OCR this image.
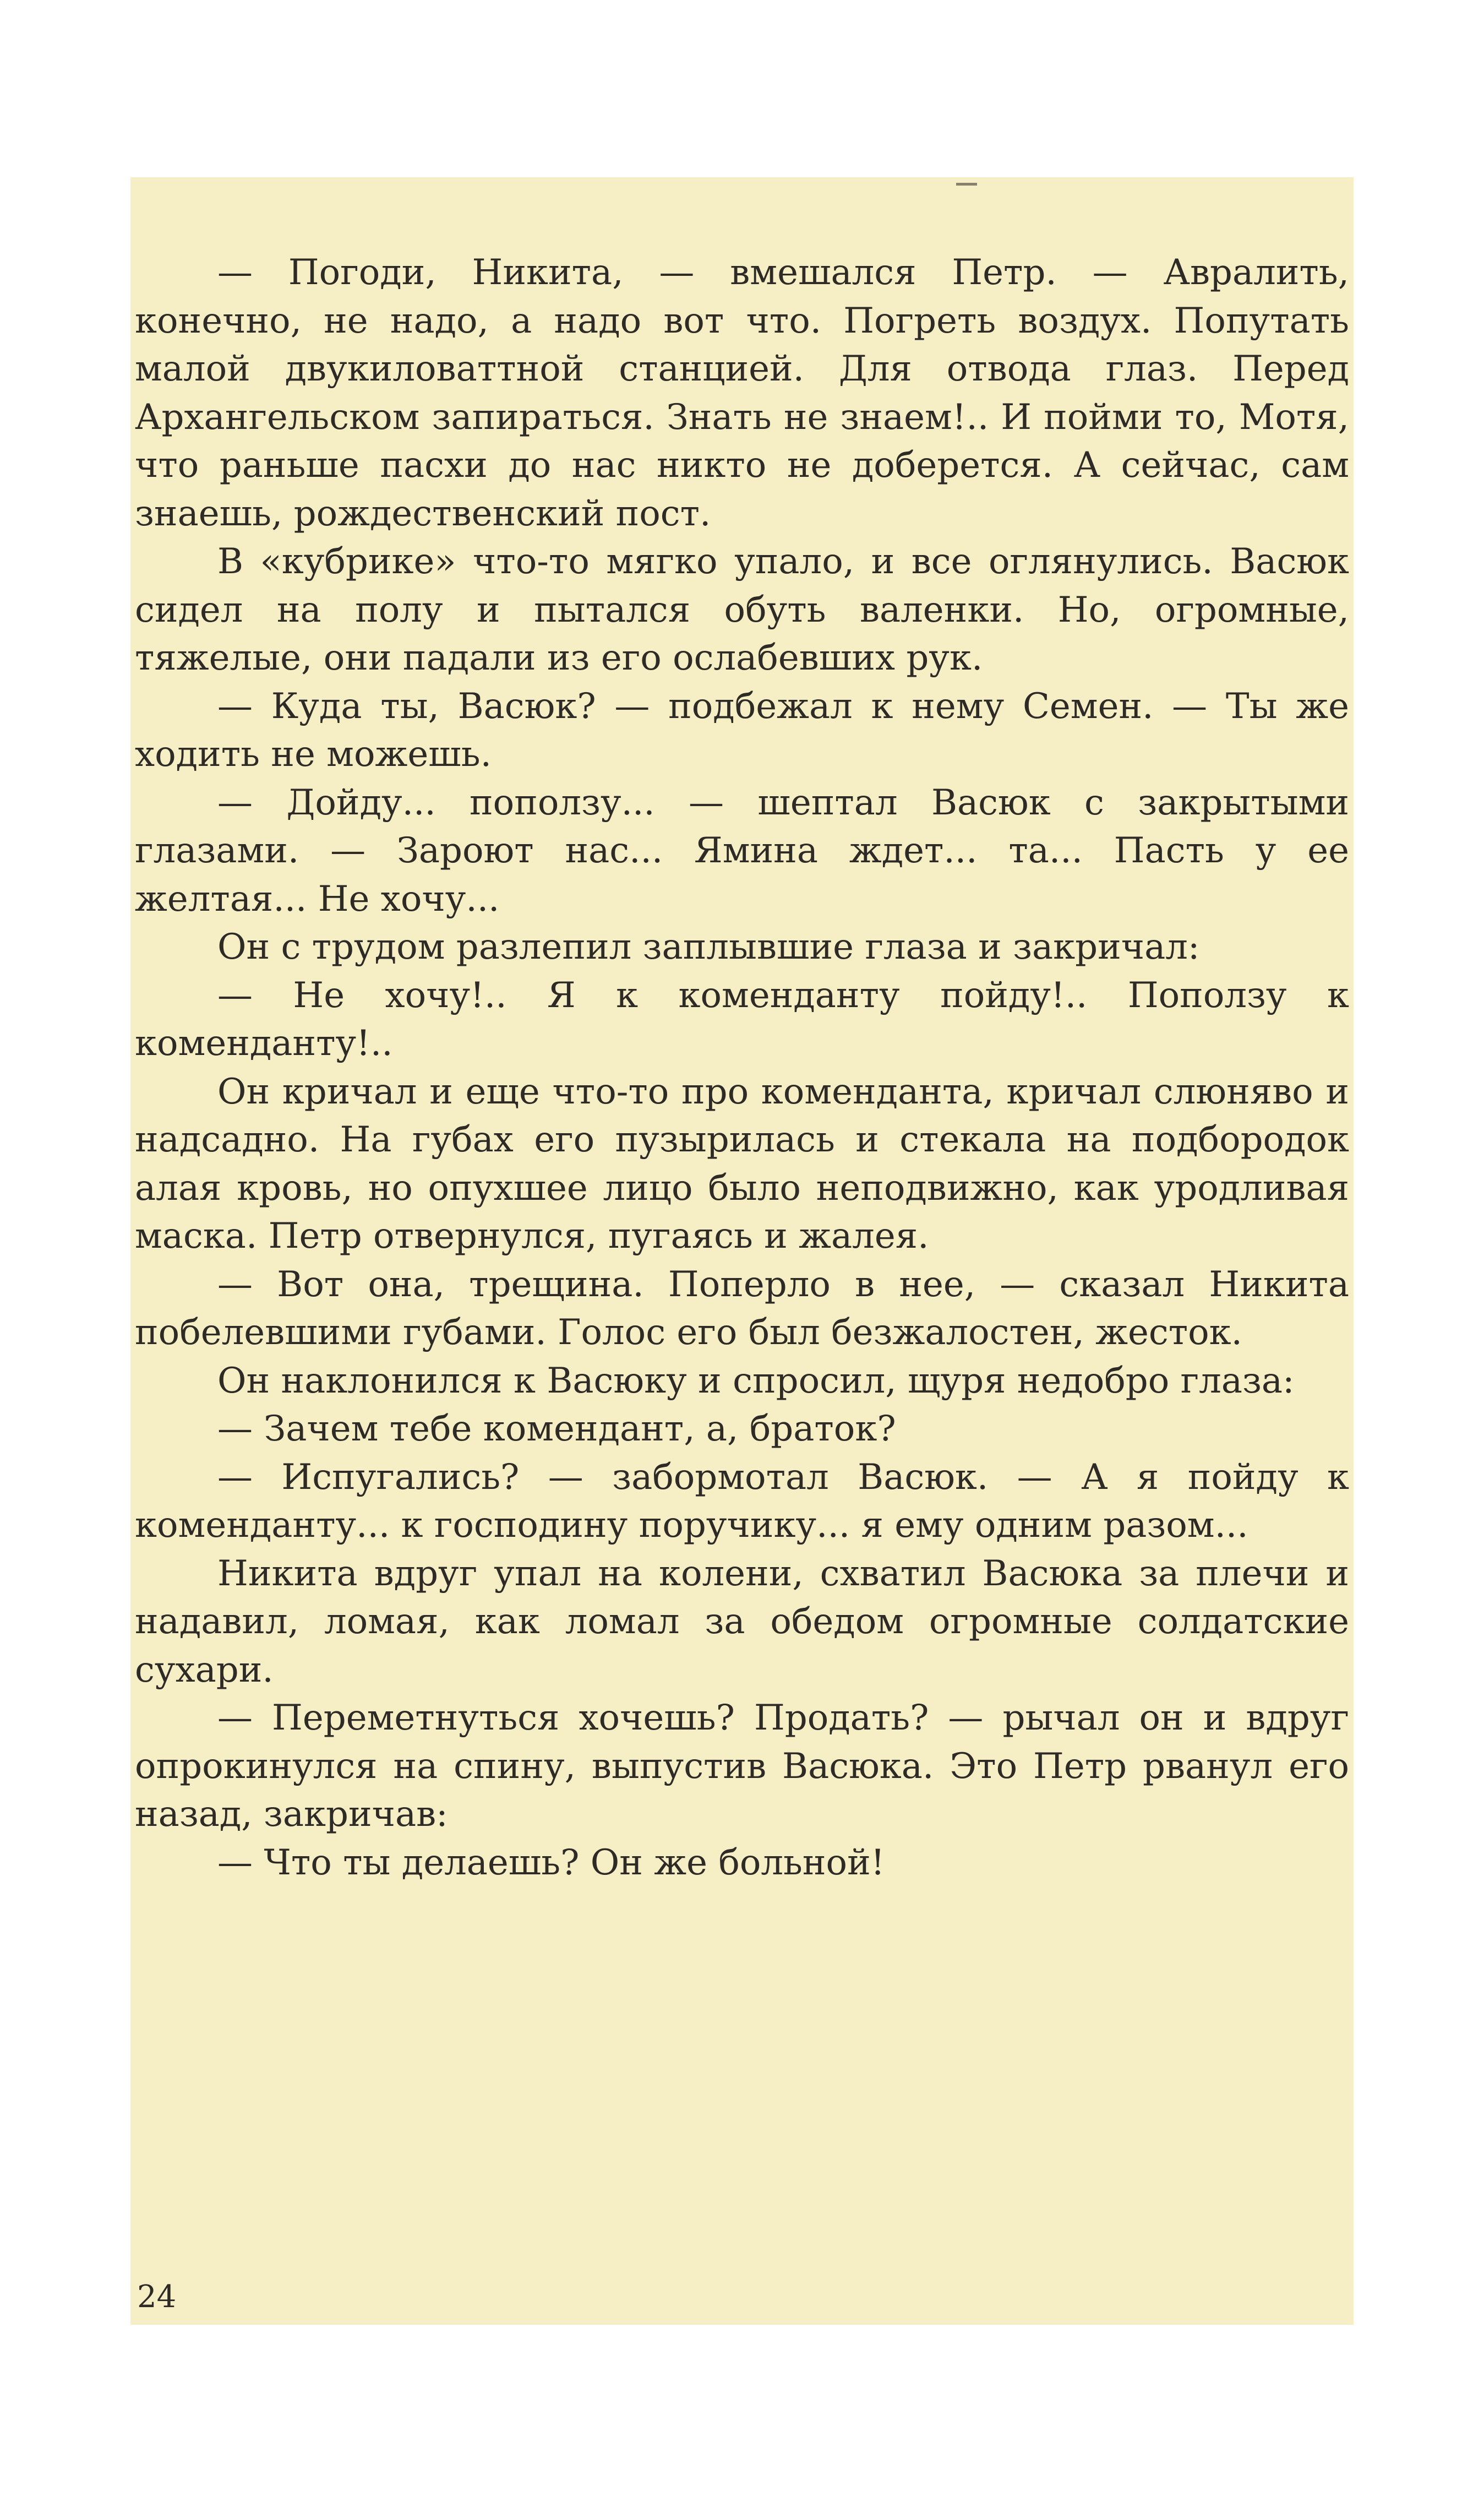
— Погоди, Никита, — вмешался Петр. — Авралить, конечно, не надо, а надо вот что. Погреть воздух. Попутать малой двукиловаттной станцией. Для отвода глаз. Перед Архангельском запираться. Знать не знаем!.. И пойми то, Мотя, что раньше пасхи до нас никто не доберется. А сейчас, сам знаешь, рождественский пост.

В «кубрике» что-то мягко упало, и все оглянулись. Васюк сидел на полу и пытался обуть валенки. Но, огромные, тяжелые, они падали из его ослабевших рук.

— Куда ты, Васюк? — подбежал к нему Семен. — Ты же ходить не можешь.

— Дойду... поползу... — шептал Васюк с закрытыми глазами. — Зароют нас... Ямина ждет... та... Пасть у ее желтая... Не хочу...

Он с трудом разлепил заплывшие глаза и закричал:

— Не хочу!.. Я к коменданту пойду!.. Поползу к коменданту!..

Он кричал и еще что-то про коменданта, кричал слюняво и надсадно. На губах его пузырилась и стекала на подбородок алая кровь, но опухшее лицо было неподвижно, как уродливая маска. Петр отвернулся, пугаясь и жалея.

— Вот она, трещина. Поперло в нее, — сказал Никита побелевшими губами. Голос его был безжалостен, жесток.

Он наклонился к Васюку и спросил, щуря недобро глаза:

— Зачем тебе комендант, а, браток?

— Испугались? — забормотал Васюк. — А я пойду к коменданту... к господину поручику... я ему одним разом...

Никита вдруг упал на колени, схватил Васюка за плечи и надавил, ломая, как ломал за обедом огромные солдатские сухари.

— Переметнуться хочешь? Продать? — рычал он и вдруг опрокинулся на спину, выпустив Васюка. Это Петр рванул его назад, закричав:

— Что ты делаешь? Он же больной!

24
